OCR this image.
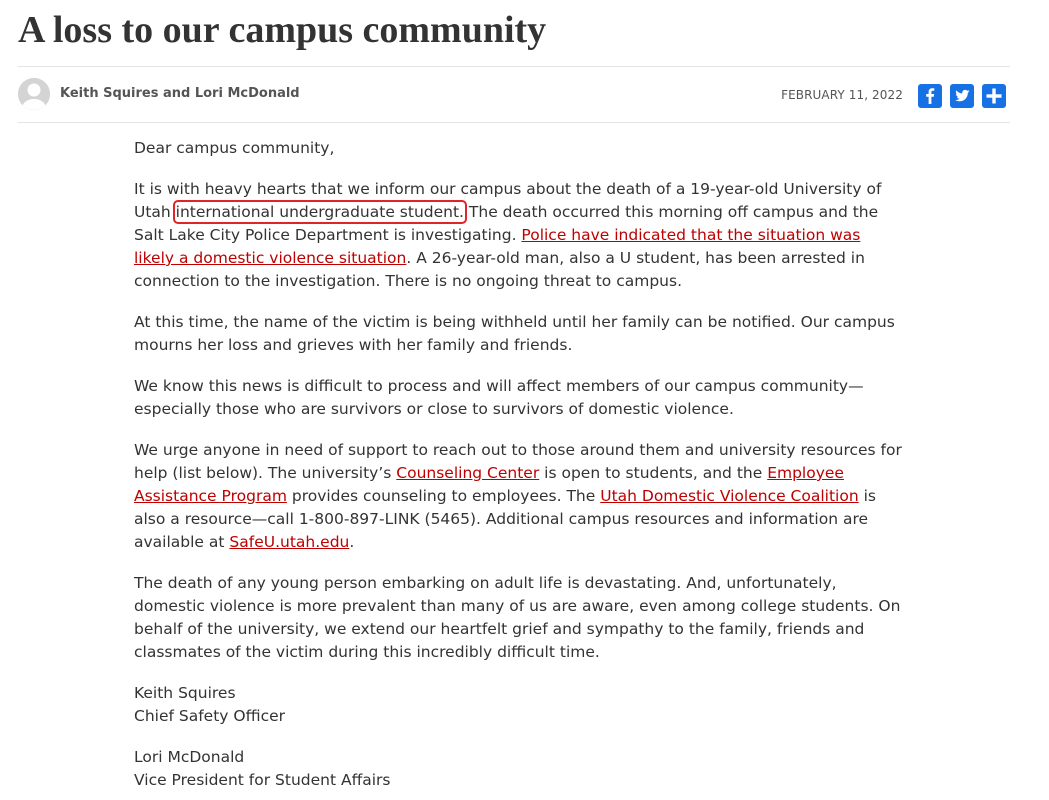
A loss to our campus community
Keith Squires and Lori McDonald	FEBRUARY 11, 2022

Dear campus community,

It is with heavy hearts that we inform our campus about the death of a 19-year-old University of Utah international undergraduate student. The death occurred this morning off campus and the Salt Lake City Police Department is investigating. Police have indicated that the situation was likely a domestic violence situation. A 26-year-old man, also a U student, has been arrested in connection to the investigation. There is no ongoing threat to campus.

At this time, the name of the victim is being withheld until her family can be notified. Our campus mourns her loss and grieves with her family and friends.

We know this news is difficult to process and will affect members of our campus community—especially those who are survivors or close to survivors of domestic violence.

We urge anyone in need of support to reach out to those around them and university resources for help (list below). The university’s Counseling Center is open to students, and the Employee Assistance Program provides counseling to employees. The Utah Domestic Violence Coalition is also a resource—call 1-800-897-LINK (5465). Additional campus resources and information are available at SafeU.utah.edu.

The death of any young person embarking on adult life is devastating. And, unfortunately, domestic violence is more prevalent than many of us are aware, even among college students. On behalf of the university, we extend our heartfelt grief and sympathy to the family, friends and classmates of the victim during this incredibly difficult time.

Keith Squires
Chief Safety Officer

Lori McDonald
Vice President for Student Affairs
